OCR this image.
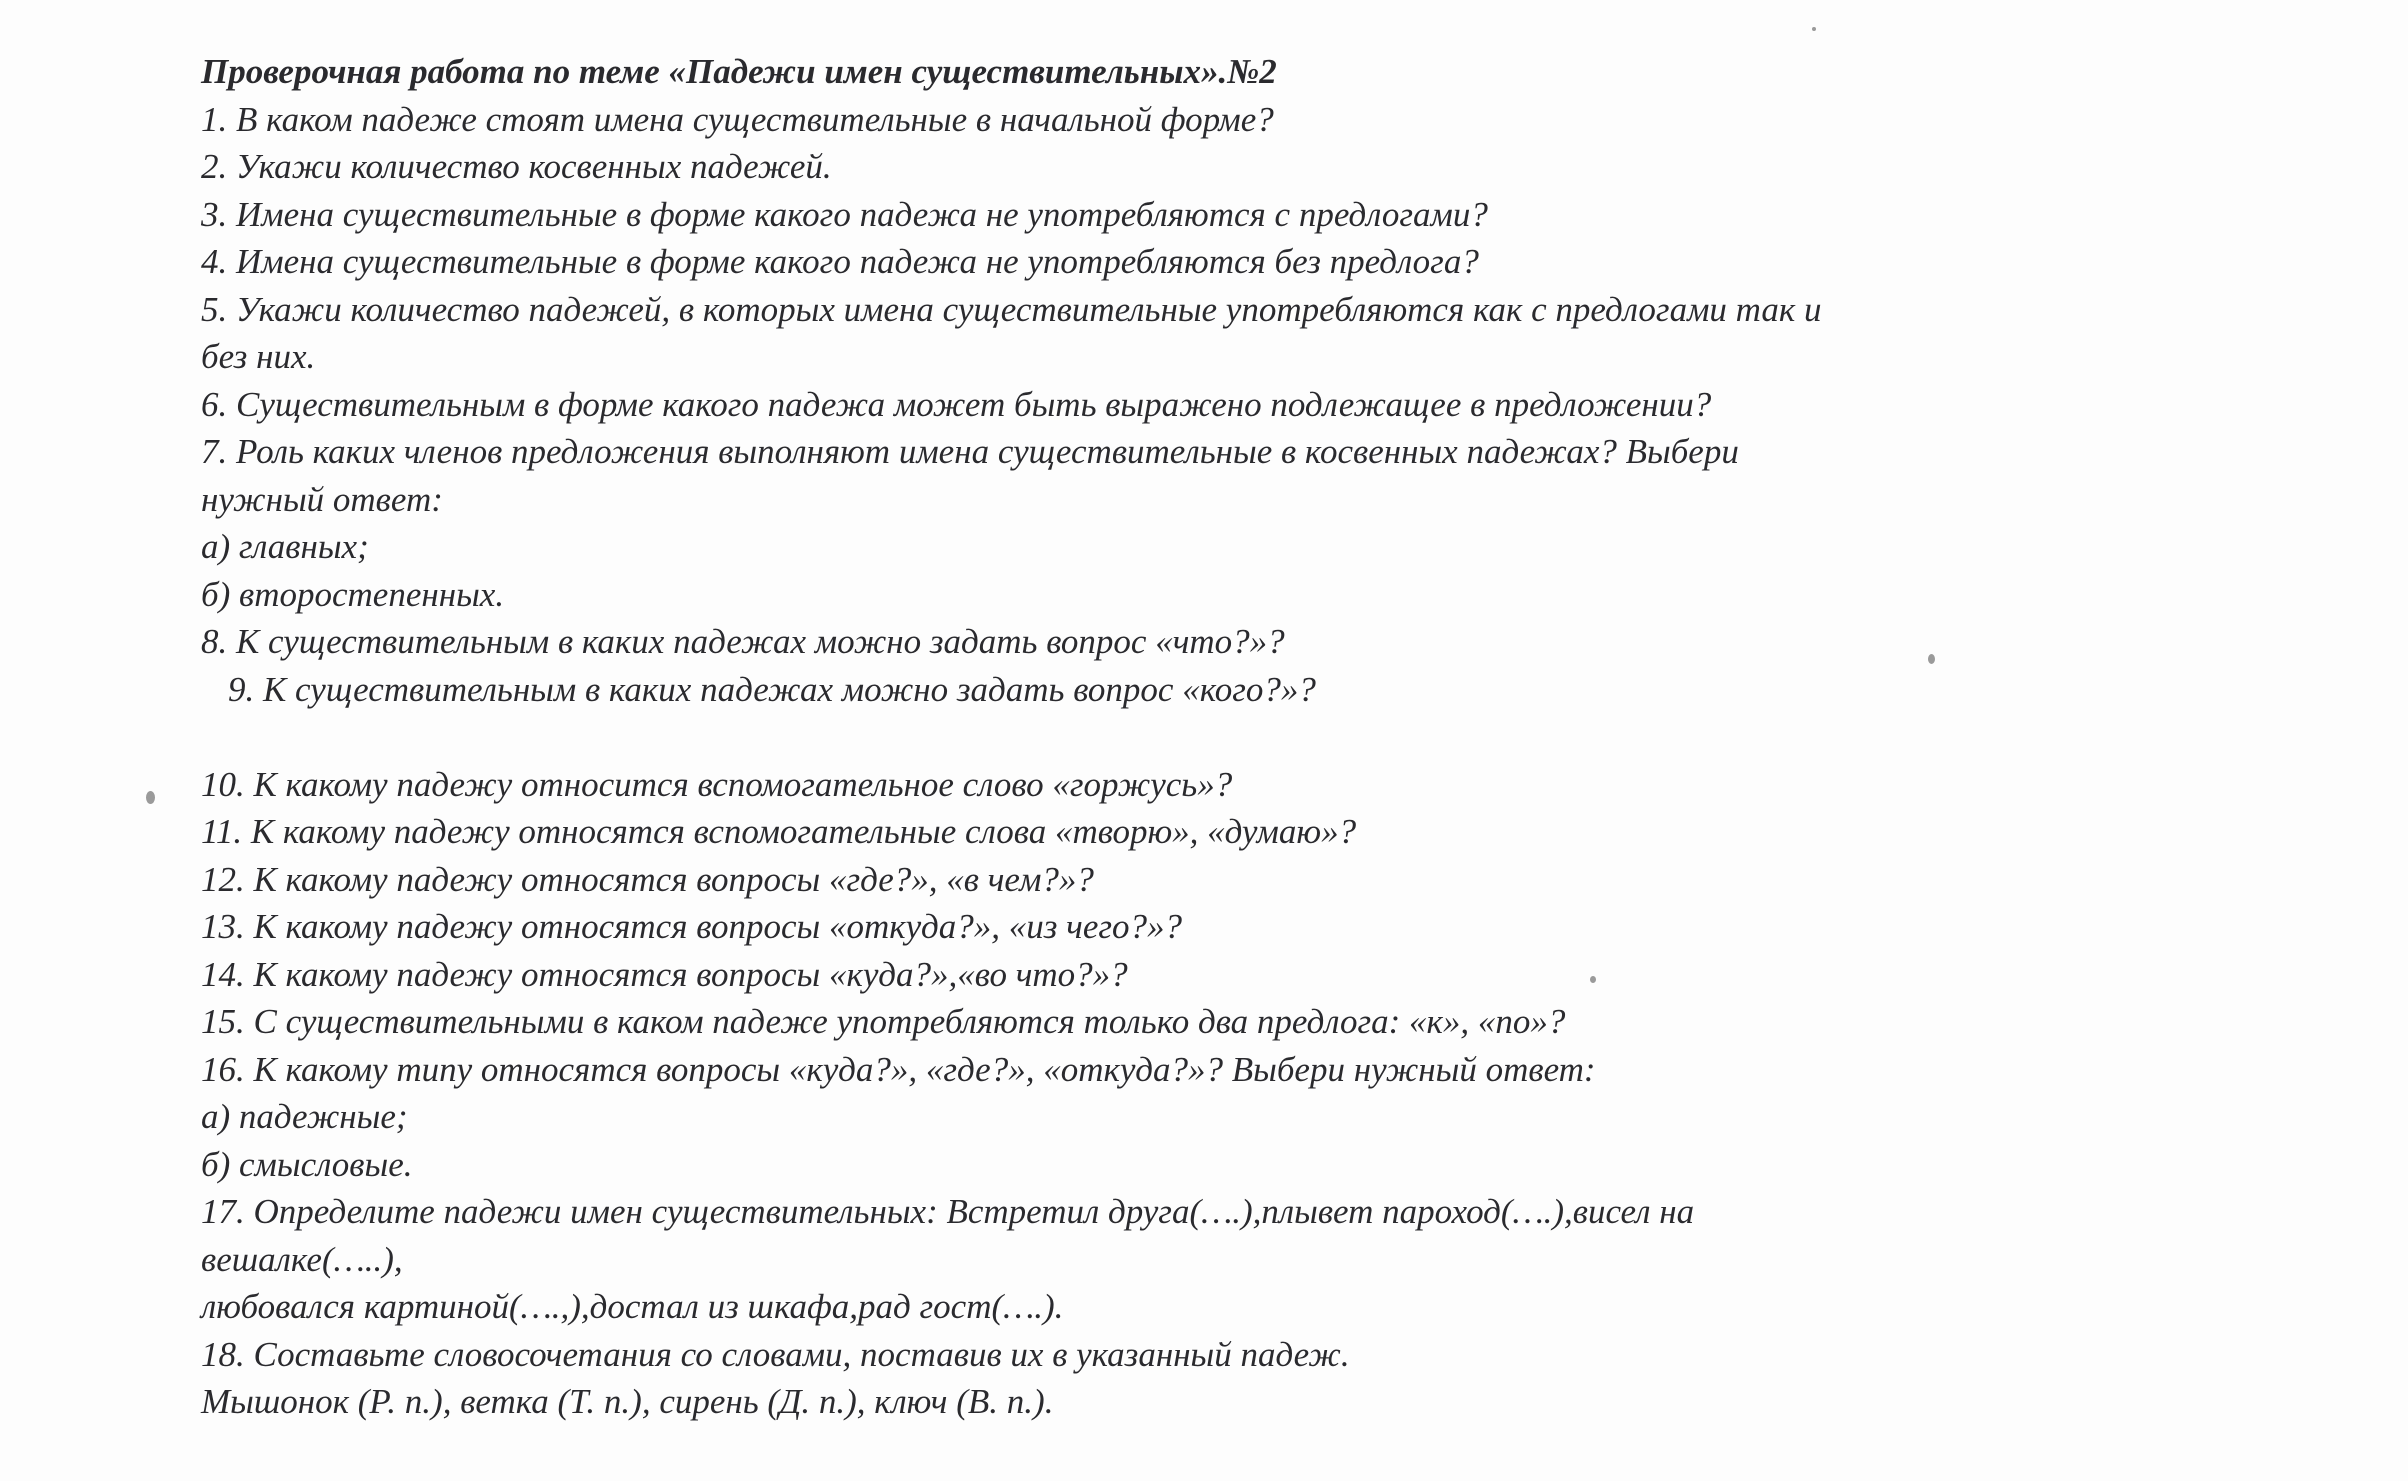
Проверочная работа по теме «Падежи имен существительных».№2
1. В каком падеже стоят имена существительные в начальной форме?
2. Укажи количество косвенных падежей.
3. Имена существительные в форме какого падежа не употребляются с предлогами?
4. Имена существительные в форме какого падежа не употребляются без предлога?
5. Укажи количество падежей, в которых имена существительные употребляются как с предлогами так и
без них.
6. Существительным в форме какого падежа может быть выражено подлежащее в предложении?
7. Роль каких членов предложения выполняют имена существительные в косвенных падежах? Выбери
нужный ответ:
а) главных;
б) второстепенных.
8. К существительным в каких падежах можно задать вопрос «что?»?
9. К существительным в каких падежах можно задать вопрос «кого?»?
10. К какому падежу относится вспомогательное слово «горжусь»?
11. К какому падежу относятся вспомогательные слова «творю», «думаю»?
12. К какому падежу относятся вопросы «где?», «в чем?»?
13. К какому падежу относятся вопросы «откуда?», «из чего?»?
14. К какому падежу относятся вопросы «куда?»,«во что?»?
15. С существительными в каком падеже употребляются только два предлога: «к», «по»?
16. К какому типу относятся вопросы «куда?», «где?», «откуда?»? Выбери нужный ответ:
а) падежные;
б) смысловые.
17. Определите падежи имен существительных: Встретил друга(….),плывет пароход(….),висел на
вешалке(…..),
любовался картиной(….,),достал из шкафа,рад гост(….).
18. Составьте словосочетания со словами, поставив их в указанный падеж.
Мышонок (Р. п.), ветка (Т. п.), сирень (Д. п.), ключ (В. п.).
